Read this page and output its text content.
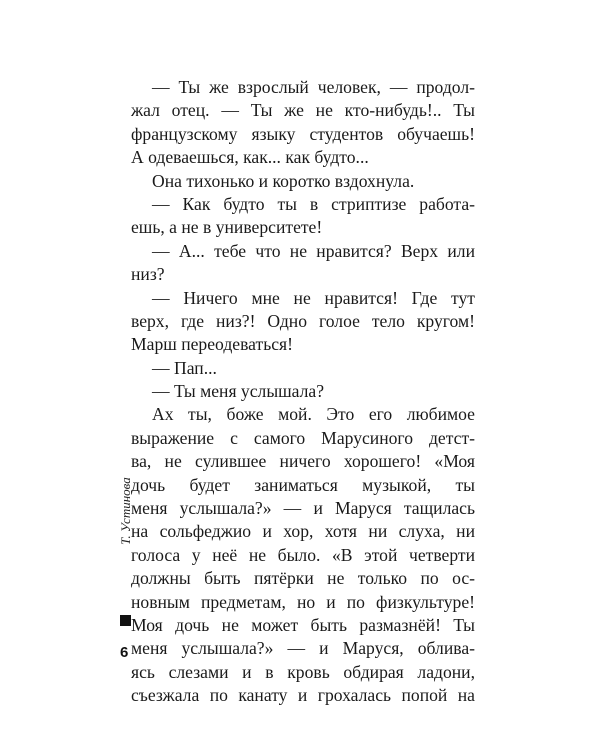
— Ты же взрослый человек, — продол-
жал отец. — Ты же не кто-нибудь!.. Ты
французскому языку студентов обучаешь!
А одеваешься, как... как будто...
Она тихонько и коротко вздохнула.
— Как будто ты в стриптизе работа-
ешь, а не в университете!
— А... тебе что не нравится? Верх или
низ?
— Ничего мне не нравится! Где тут
верх, где низ?! Одно голое тело кругом!
Марш переодеваться!
— Пап...
— Ты меня услышала?
Ах ты, боже мой. Это его любимое
выражение с самого Марусиного детст-
ва, не сулившее ничего хорошего! «Моя
дочь будет заниматься музыкой, ты
меня услышала?» — и Маруся тащилась
на сольфеджио и хор, хотя ни слуха, ни
голоса у неё не было. «В этой четверти
должны быть пятёрки не только по ос-
новным предметам, но и по физкультуре!
Моя дочь не может быть размазнёй! Ты
меня услышала?» — и Маруся, облива-
ясь слезами и в кровь обдирая ладони,
съезжала по канату и грохалась попой на
Т. Устинова
6
